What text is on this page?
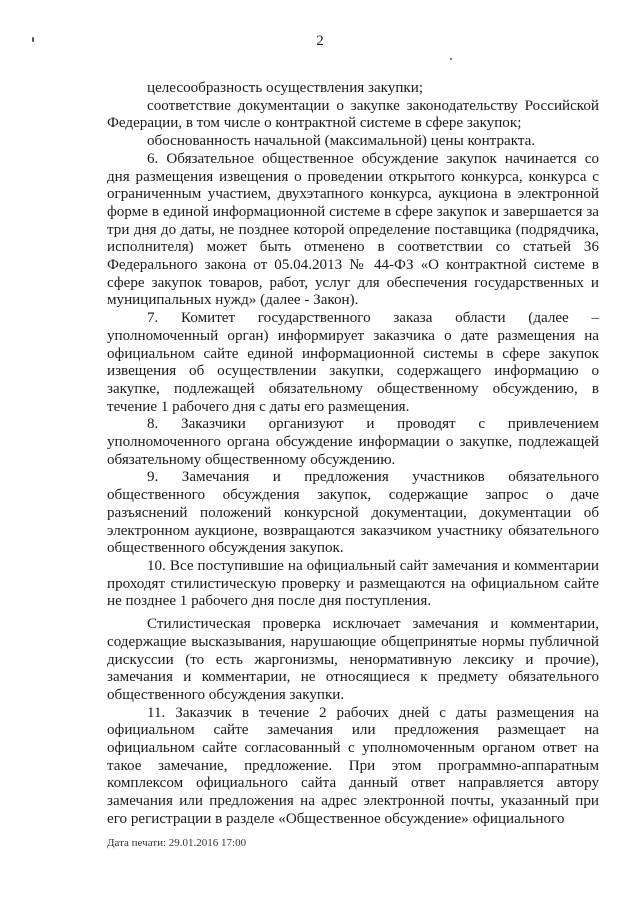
2

целесообразность осуществления закупки;

соответствие документации о закупке законодательству Российской Федерации, в том числе о контрактной системе в сфере закупок;

обоснованность начальной (максимальной) цены контракта.

6. Обязательное общественное обсуждение закупок начинается со дня размещения извещения о проведении открытого конкурса, конкурса с ограниченным участием, двухэтапного конкурса, аукциона в электронной форме в единой информационной системе в сфере закупок и завершается за три дня до даты, не позднее которой определение поставщика (подрядчика, исполнителя) может быть отменено в соответствии со статьей 36 Федерального закона от 05.04.2013 № 44-ФЗ «О контрактной системе в сфере закупок товаров, работ, услуг для обеспечения государственных и муниципальных нужд» (далее - Закон).

7. Комитет государственного заказа области (далее – уполномоченный орган) информирует заказчика о дате размещения на официальном сайте единой информационной системы в сфере закупок извещения об осуществлении закупки, содержащего информацию о закупке, подлежащей обязательному общественному обсуждению, в течение 1 рабочего дня с даты его размещения.

8. Заказчики организуют и проводят с привлечением уполномоченного органа обсуждение информации о закупке, подлежащей обязательному общественному обсуждению.

9. Замечания и предложения участников обязательного общественного обсуждения закупок, содержащие запрос о даче разъяснений положений конкурсной документации, документации об электронном аукционе, возвращаются заказчиком участнику обязательного общественного обсуждения закупок.

10. Все поступившие на официальный сайт замечания и комментарии проходят стилистическую проверку и размещаются на официальном сайте не позднее 1 рабочего дня после дня поступления.

Стилистическая проверка исключает замечания и комментарии, содержащие высказывания, нарушающие общепринятые нормы публичной дискуссии (то есть жаргонизмы, ненормативную лексику и прочие), замечания и комментарии, не относящиеся к предмету обязательного общественного обсуждения закупки.

11. Заказчик в течение 2 рабочих дней с даты размещения на официальном сайте замечания или предложения размещает на официальном сайте согласованный с уполномоченным органом ответ на такое замечание, предложение. При этом программно-аппаратным комплексом официального сайта данный ответ направляется автору замечания или предложения на адрес электронной почты, указанный при его регистрации в разделе «Общественное обсуждение» официального

Дата печати: 29.01.2016 17:00
